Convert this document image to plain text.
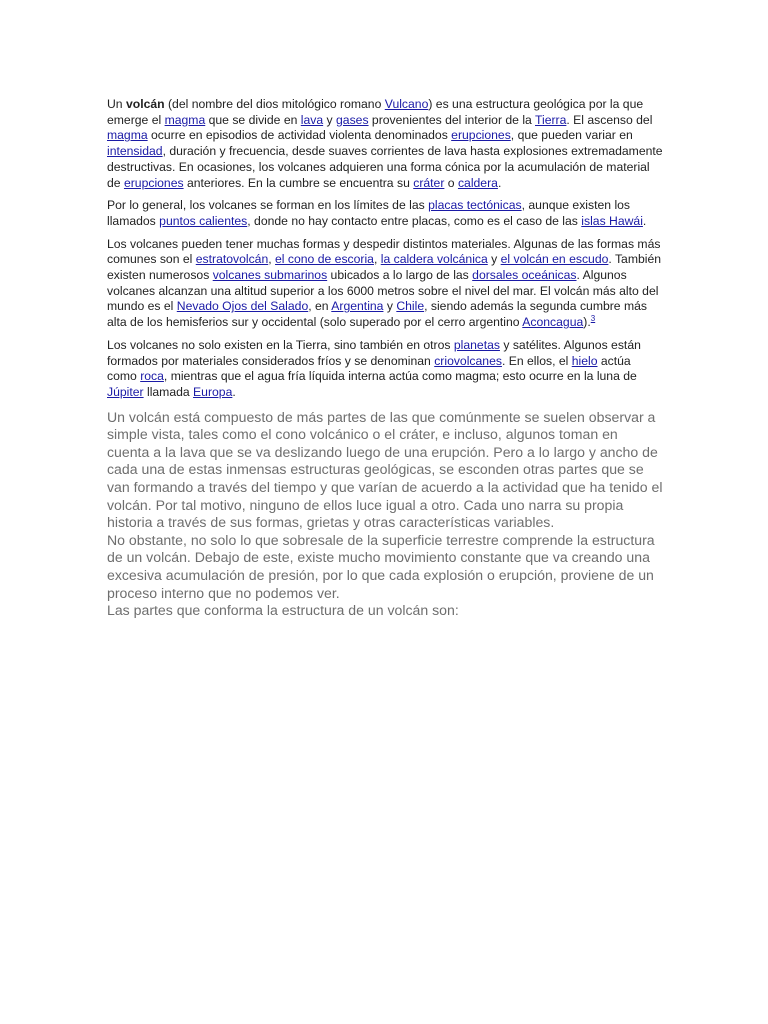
Un volcán (del nombre del dios mitológico romano Vulcano) es una estructura geológica por la que emerge el magma que se divide en lava y gases provenientes del interior de la Tierra. El ascenso del magma ocurre en episodios de actividad violenta denominados erupciones, que pueden variar en intensidad, duración y frecuencia, desde suaves corrientes de lava hasta explosiones extremadamente destructivas. En ocasiones, los volcanes adquieren una forma cónica por la acumulación de material de erupciones anteriores. En la cumbre se encuentra su cráter o caldera.

Por lo general, los volcanes se forman en los límites de las placas tectónicas, aunque existen los llamados puntos calientes, donde no hay contacto entre placas, como es el caso de las islas Hawái.

Los volcanes pueden tener muchas formas y despedir distintos materiales. Algunas de las formas más comunes son el estratovolcán, el cono de escoria, la caldera volcánica y el volcán en escudo. También existen numerosos volcanes submarinos ubicados a lo largo de las dorsales oceánicas. Algunos volcanes alcanzan una altitud superior a los 6000 metros sobre el nivel del mar. El volcán más alto del mundo es el Nevado Ojos del Salado, en Argentina y Chile, siendo además la segunda cumbre más alta de los hemisferios sur y occidental (solo superado por el cerro argentino Aconcagua).$^3$

Los volcanes no solo existen en la Tierra, sino también en otros planetas y satélites. Algunos están formados por materiales considerados fríos y se denominan criovolcanes. En ellos, el hielo actúa como roca, mientras que el agua fría líquida interna actúa como magma; esto ocurre en la luna de Júpiter llamada Europa.

Un volcán está compuesto de más partes de las que comúnmente se suelen observar a simple vista, tales como el cono volcánico o el cráter, e incluso, algunos toman en cuenta a la lava que se va deslizando luego de una erupción. Pero a lo largo y ancho de cada una de estas inmensas estructuras geológicas, se esconden otras partes que se van formando a través del tiempo y que varían de acuerdo a la actividad que ha tenido el volcán. Por tal motivo, ninguno de ellos luce igual a otro. Cada uno narra su propia historia a través de sus formas, grietas y otras características variables.

No obstante, no solo lo que sobresale de la superficie terrestre comprende la estructura de un volcán. Debajo de este, existe mucho movimiento constante que va creando una excesiva acumulación de presión, por lo que cada explosión o erupción, proviene de un proceso interno que no podemos ver.

Las partes que conforma la estructura de un volcán son:
